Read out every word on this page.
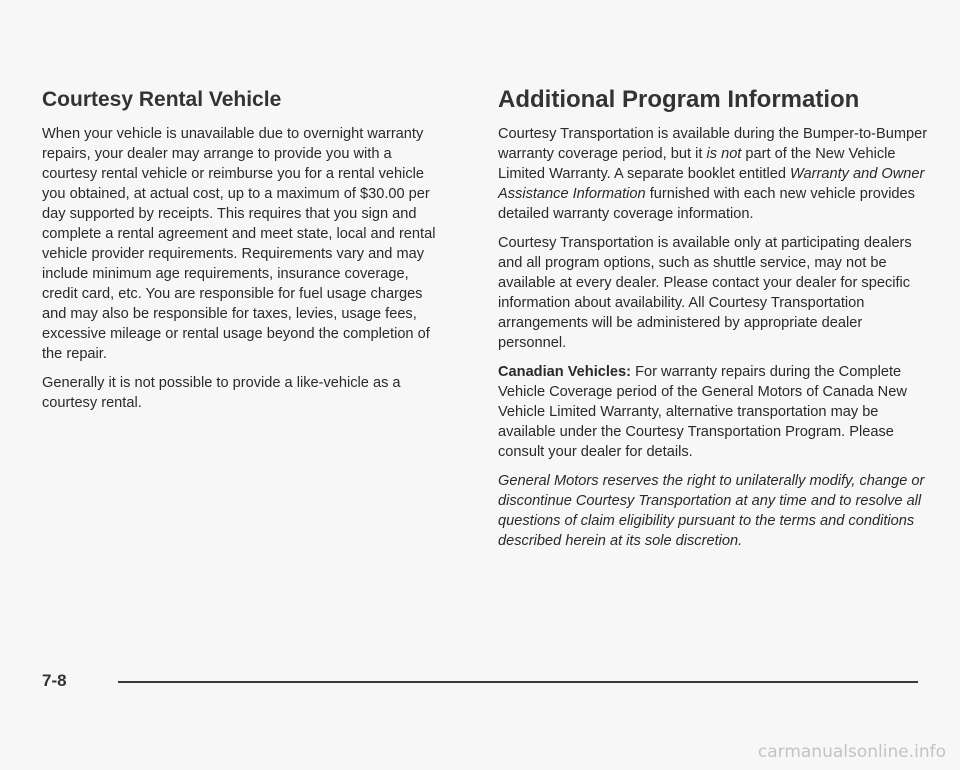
Courtesy Rental Vehicle

When your vehicle is unavailable due to overnight warranty repairs, your dealer may arrange to provide you with a courtesy rental vehicle or reimburse you for a rental vehicle you obtained, at actual cost, up to a maximum of $30.00 per day supported by receipts. This requires that you sign and complete a rental agreement and meet state, local and rental vehicle provider requirements. Requirements vary and may include minimum age requirements, insurance coverage, credit card, etc. You are responsible for fuel usage charges and may also be responsible for taxes, levies, usage fees, excessive mileage or rental usage beyond the completion of the repair.

Generally it is not possible to provide a like-vehicle as a courtesy rental.

Additional Program Information

Courtesy Transportation is available during the Bumper-to-Bumper warranty coverage period, but it is not part of the New Vehicle Limited Warranty. A separate booklet entitled Warranty and Owner Assistance Information furnished with each new vehicle provides detailed warranty coverage information.

Courtesy Transportation is available only at participating dealers and all program options, such as shuttle service, may not be available at every dealer. Please contact your dealer for specific information about availability. All Courtesy Transportation arrangements will be administered by appropriate dealer personnel.

Canadian Vehicles: For warranty repairs during the Complete Vehicle Coverage period of the General Motors of Canada New Vehicle Limited Warranty, alternative transportation may be available under the Courtesy Transportation Program. Please consult your dealer for details.

General Motors reserves the right to unilaterally modify, change or discontinue Courtesy Transportation at any time and to resolve all questions of claim eligibility pursuant to the terms and conditions described herein at its sole discretion.

7-8
carmanualsonline.info
